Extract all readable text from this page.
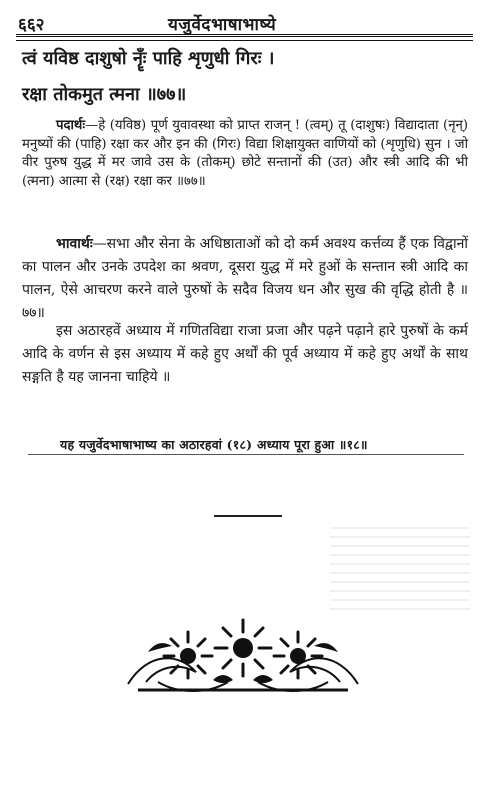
६६२	यजुर्वेदभाषाभाष्ये
त्वं यविष्ठ दाशुषो नॄँः पाहि शृणुधी गिरः ।
रक्षा तोकमुत त्मना ॥७७॥
पदार्थः—हे (यविष्ठ) पूर्ण युवावस्था को प्राप्त राजन् ! (त्वम्) तू (दाशुषः) विद्यादाता (नृन्) मनुष्यों की (पाहि) रक्षा कर और इन की (गिरः) विद्या शिक्षायुक्त वाणियों को (शृणुधि) सुन । जो वीर पुरुष युद्ध में मर जावे उस के (तोकम्) छोटे सन्तानों की (उत) और स्त्री आदि की भी (त्मना) आत्मा से (रक्ष) रक्षा कर ॥७७॥
भावार्थः—सभा और सेना के अधिष्ठाताओं को दो कर्म अवश्य कर्त्तव्य हैं एक विद्वानों का पालन और उनके उपदेश का श्रवण, दूसरा युद्ध में मरे हुओं के सन्तान स्त्री आदि का पालन, ऐसे आचरण करने वाले पुरुषों के सदैव विजय धन और सुख की वृद्धि होती है ॥७७॥
इस अठारहवें अध्याय में गणितविद्या राजा प्रजा और पढ़ने पढ़ाने हारे पुरुषों के कर्म आदि के वर्णन से इस अध्याय में कहे हुए अर्थों की पूर्व अध्याय में कहे हुए अर्थों के साथ सङ्गति है यह जानना चाहिये ॥
यह यजुर्वेदभाषाभाष्य का अठारहवां (१८) अध्याय पूरा हुआ ॥१८॥
